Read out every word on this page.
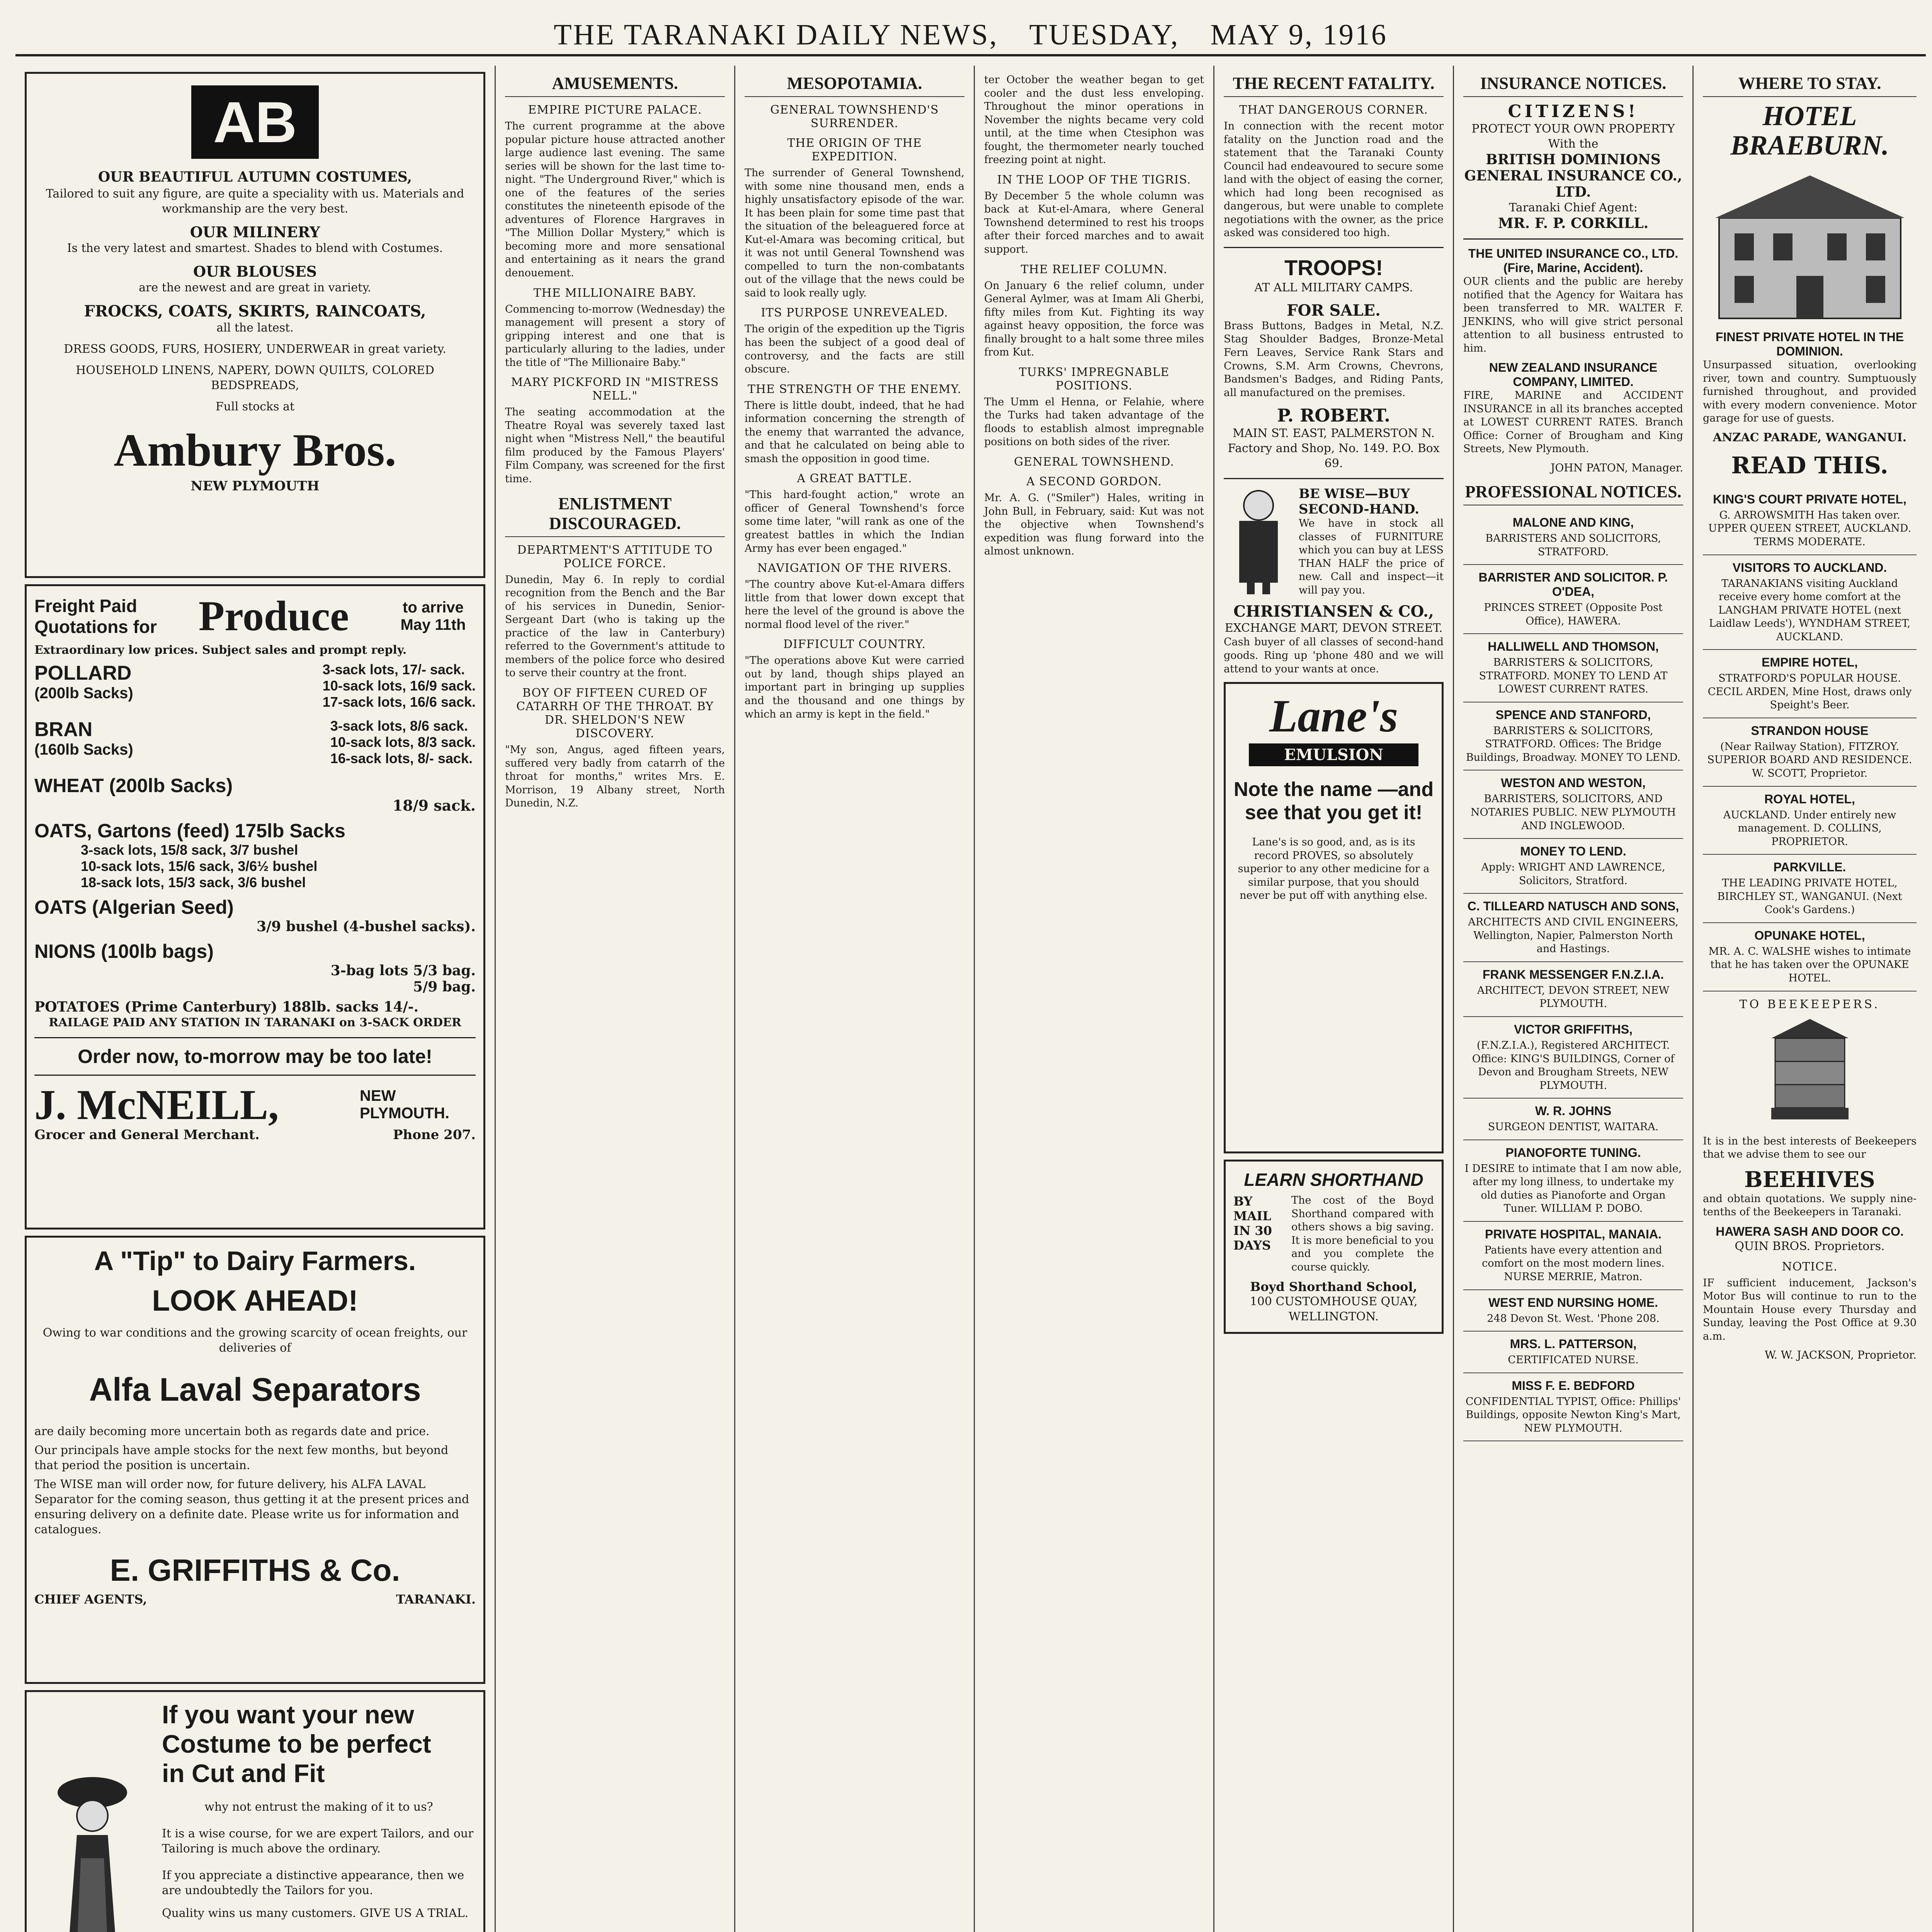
THE TARANAKI DAILY NEWS, TUESDAY, MAY 9, 1916
AB
OUR BEAUTIFUL AUTUMN COSTUMES,
Tailored to suit any figure, are quite a speciality with us. Materials and workmanship are the very best.
OUR MILINERY
Is the very latest and smartest. Shades to blend with Costumes.
OUR BLOUSES
are the newest and are great in variety.
FROCKS, COATS, SKIRTS, RAINCOATS,
all the latest.
DRESS GOODS, FURS, HOSIERY, UNDERWEAR in great variety.
HOUSEHOLD LINENS, NAPERY, DOWN QUILTS, COLORED BEDSPREADS,
Full stocks at
Ambury Bros.
NEW PLYMOUTH
Freight Paid
Quotations for Produce	to arrive May 11th
Extraordinary low prices. Subject sales and prompt reply.
POLLARD
(200lb Sacks)
3-sack lots, 17/- sack.
10-sack lots, 16/9 sack.
17-sack lots, 16/6 sack.
BRAN
(160lb Sacks)
3-sack lots, 8/6 sack.
10-sack lots, 8/3 sack.
16-sack lots, 8/- sack.
WHEAT (200lb Sacks)
18/9 sack.
OATS, Gartons (feed) 175lb Sacks
3-sack lots, 15/8 sack, 3/7 bushel
10-sack lots, 15/6 sack, 3/6½ bushel
18-sack lots, 15/3 sack, 3/6 bushel
OATS (Algerian Seed)
3/9 bushel (4-bushel sacks).
NIONS (100lb bags)
3-bag lots 5/3 bag.
5/9 bag.
POTATOES (Prime Canterbury) 188lb. sacks 14/-.
RAILAGE PAID ANY STATION IN TARANAKI on 3-SACK ORDER
Order now, to-morrow may be too late!
J. McNEILL,	NEW PLYMOUTH.
Grocer and General Merchant.	Phone 207.
A "Tip" to Dairy Farmers.
LOOK AHEAD!
Owing to war conditions and the growing scarcity of ocean freights, our deliveries of
Alfa Laval Separators
are daily becoming more uncertain both as regards date and price.
Our principals have ample stocks for the next few months, but beyond that period the position is uncertain.
The WISE man will order now, for future delivery, his ALFA LAVAL Separator for the coming season, thus getting it at the present prices and ensuring delivery on a definite date. Please write us for information and catalogues.
E. GRIFFITHS & Co.
CHIEF AGENTS,	TARANAKI.
If you want your new
Costume to be perfect
in Cut and Fit
why not entrust the making of it to us?
It is a wise course, for we are expert Tailors, and our Tailoring is much above the ordinary.
If you appreciate a distinctive appearance, then we are undoubtedly the Tailors for you.
Quality wins us many customers. GIVE US A TRIAL.
AMUSEMENTS.
EMPIRE PICTURE PALACE.

The current programme at the above popular picture house attracted another large audience last evening. The same series will be shown for the last time to-night. "The Underground River," which is one of the features of the series constitutes the nineteenth episode of the adventures of Florence Hargraves in "The Million Dollar Mystery," which is becoming more and more sensational and entertaining as it nears the grand denouement.

THE MILLIONAIRE BABY.

Commencing to-morrow (Wednesday) the management will present a story of gripping interest and one that is particularly alluring to the ladies, under the title of "The Millionaire Baby."

MARY PICKFORD IN "MISTRESS NELL."

The seating accommodation at the Theatre Royal was severely taxed last night when "Mistress Nell," the beautiful film produced by the Famous Players' Film Company, was screened for the first time.

ENLISTMENT DISCOURAGED.
DEPARTMENT'S ATTITUDE TO POLICE FORCE.

Dunedin, May 6. In reply to cordial recognition from the Bench and the Bar of his services in Dunedin, Senior-Sergeant Dart (who is taking up the practice of the law in Canterbury) referred to the Government's attitude to members of the police force who desired to serve their country at the front.

BOY OF FIFTEEN CURED OF CATARRH OF THE THROAT. BY DR. SHELDON'S NEW DISCOVERY.

"My son, Angus, aged fifteen years, suffered very badly from catarrh of the throat for months," writes Mrs. E. Morrison, 19 Albany street, North Dunedin, N.Z.

MESOPOTAMIA.
GENERAL TOWNSHEND'S SURRENDER.
THE ORIGIN OF THE EXPEDITION.

The surrender of General Townshend, with some nine thousand men, ends a highly unsatisfactory episode of the war. It has been plain for some time past that the situation of the beleaguered force at Kut-el-Amara was becoming critical, but it was not until General Townshend was compelled to turn the non-combatants out of the village that the news could be said to look really ugly.

ITS PURPOSE UNREVEALED.

The origin of the expedition up the Tigris has been the subject of a good deal of controversy, and the facts are still obscure.

THE STRENGTH OF THE ENEMY.

There is little doubt, indeed, that he had information concerning the strength of the enemy that warranted the advance, and that he calculated on being able to smash the opposition in good time.

A GREAT BATTLE.

"This hard-fought action," wrote an officer of General Townshend's force some time later, "will rank as one of the greatest battles in which the Indian Army has ever been engaged."

NAVIGATION OF THE RIVERS.

"The country above Kut-el-Amara differs little from that lower down except that here the level of the ground is above the normal flood level of the river."

DIFFICULT COUNTRY.

"The operations above Kut were carried out by land, though ships played an important part in bringing up supplies and the thousand and one things by which an army is kept in the field."

ter October the weather began to get cooler and the dust less enveloping. Throughout the minor operations in November the nights became very cold until, at the time when Ctesiphon was fought, the thermometer nearly touched freezing point at night.

IN THE LOOP OF THE TIGRIS.

By December 5 the whole column was back at Kut-el-Amara, where General Townshend determined to rest his troops after their forced marches and to await support.

THE RELIEF COLUMN.

On January 6 the relief column, under General Aylmer, was at Imam Ali Gherbi, fifty miles from Kut. Fighting its way against heavy opposition, the force was finally brought to a halt some three miles from Kut.

TURKS' IMPREGNABLE POSITIONS.

The Umm el Henna, or Felahie, where the Turks had taken advantage of the floods to establish almost impregnable positions on both sides of the river.

GENERAL TOWNSHEND.
A SECOND GORDON.

Mr. A. G. ("Smiler") Hales, writing in John Bull, in February, said: Kut was not the objective when Townshend's expedition was flung forward into the almost unknown.

THE RECENT FATALITY.
THAT DANGEROUS CORNER.

In connection with the recent motor fatality on the Junction road and the statement that the Taranaki County Council had endeavoured to secure some land with the object of easing the corner, which had long been recognised as dangerous, but were unable to complete negotiations with the owner, as the price asked was considered too high.

TROOPS!
AT ALL MILITARY CAMPS.
FOR SALE.

Brass Buttons, Badges in Metal, N.Z. Stag Shoulder Badges, Bronze-Metal Fern Leaves, Service Rank Stars and Crowns, S.M. Arm Crowns, Chevrons, Bandsmen's Badges, and Riding Pants, all manufactured on the premises.

P. ROBERT.
MAIN ST. EAST, PALMERSTON N. Factory and Shop, No. 149. P.O. Box 69.
BE WISE—BUY SECOND-HAND.

We have in stock all classes of FURNITURE which you can buy at LESS THAN HALF the price of new. Call and inspect—it will pay you.

CHRISTIANSEN & CO.,
EXCHANGE MART, DEVON STREET.

Cash buyer of all classes of second-hand goods. Ring up 'phone 480 and we will attend to your wants at once.

Lane's
EMULSION
Note the name —and see that you get it!

Lane's is so good, and, as is its record PROVES, so absolutely superior to any other medicine for a similar purpose, that you should never be put off with anything else.

LEARN SHORTHAND
BY MAIL IN 30 DAYS

The cost of the Boyd Shorthand compared with others shows a big saving. It is more beneficial to you and you complete the course quickly.

Boyd Shorthand School,
100 CUSTOMHOUSE QUAY, WELLINGTON.
INSURANCE NOTICES.
CITIZENS!
PROTECT YOUR OWN PROPERTY
With the
BRITISH DOMINIONS GENERAL INSURANCE CO., LTD.
Taranaki Chief Agent:
MR. F. P. CORKILL.
THE UNITED INSURANCE CO., LTD. (Fire, Marine, Accident).

OUR clients and the public are hereby notified that the Agency for Waitara has been transferred to MR. WALTER F. JENKINS, who will give strict personal attention to all business entrusted to him.

NEW ZEALAND INSURANCE COMPANY, LIMITED.

FIRE, MARINE and ACCIDENT INSURANCE in all its branches accepted at LOWEST CURRENT RATES. Branch Office: Corner of Brougham and King Streets, New Plymouth.

JOHN PATON, Manager.
PROFESSIONAL NOTICES.
MALONE AND KING,
BARRISTERS AND SOLICITORS, STRATFORD.
BARRISTER AND SOLICITOR. P. O'DEA,
PRINCES STREET (Opposite Post Office), HAWERA.
HALLIWELL AND THOMSON,
BARRISTERS & SOLICITORS, STRATFORD. MONEY TO LEND AT LOWEST CURRENT RATES.
SPENCE AND STANFORD,
BARRISTERS & SOLICITORS, STRATFORD. Offices: The Bridge Buildings, Broadway. MONEY TO LEND.
WESTON AND WESTON,
BARRISTERS, SOLICITORS, AND NOTARIES PUBLIC. NEW PLYMOUTH AND INGLEWOOD.
MONEY TO LEND.
Apply: WRIGHT AND LAWRENCE, Solicitors, Stratford.
C. TILLEARD NATUSCH AND SONS,
ARCHITECTS AND CIVIL ENGINEERS, Wellington, Napier, Palmerston North and Hastings.
FRANK MESSENGER F.N.Z.I.A.
ARCHITECT, DEVON STREET, NEW PLYMOUTH.
VICTOR GRIFFITHS,
(F.N.Z.I.A.), Registered ARCHITECT. Office: KING'S BUILDINGS, Corner of Devon and Brougham Streets, NEW PLYMOUTH.
W. R. JOHNS
SURGEON DENTIST, WAITARA.
PIANOFORTE TUNING.
I DESIRE to intimate that I am now able, after my long illness, to undertake my old duties as Pianoforte and Organ Tuner. WILLIAM P. DOBO.
PRIVATE HOSPITAL, MANAIA.
Patients have every attention and comfort on the most modern lines. NURSE MERRIE, Matron.
WEST END NURSING HOME.
248 Devon St. West. 'Phone 208.
MRS. L. PATTERSON,
CERTIFICATED NURSE.
MISS F. E. BEDFORD
CONFIDENTIAL TYPIST, Office: Phillips' Buildings, opposite Newton King's Mart, NEW PLYMOUTH.
WHERE TO STAY.
HOTEL BRAEBURN.
FINEST PRIVATE HOTEL IN THE DOMINION.

Unsurpassed situation, overlooking river, town and country. Sumptuously furnished throughout, and provided with every modern convenience. Motor garage for use of guests.

ANZAC PARADE, WANGANUI.
READ THIS.
KING'S COURT PRIVATE HOTEL,
G. ARROWSMITH Has taken over. UPPER QUEEN STREET, AUCKLAND. TERMS MODERATE.
VISITORS TO AUCKLAND.
TARANAKIANS visiting Auckland receive every home comfort at the LANGHAM PRIVATE HOTEL (next Laidlaw Leeds'), WYNDHAM STREET, AUCKLAND.
EMPIRE HOTEL,
STRATFORD'S POPULAR HOUSE. CECIL ARDEN, Mine Host, draws only Speight's Beer.
STRANDON HOUSE
(Near Railway Station), FITZROY. SUPERIOR BOARD AND RESIDENCE. W. SCOTT, Proprietor.
ROYAL HOTEL,
AUCKLAND. Under entirely new management. D. COLLINS, PROPRIETOR.
PARKVILLE.
THE LEADING PRIVATE HOTEL, BIRCHLEY ST., WANGANUI. (Next Cook's Gardens.)
OPUNAKE HOTEL,
MR. A. C. WALSHE wishes to intimate that he has taken over the OPUNAKE HOTEL.
TO BEEKEEPERS.

It is in the best interests of Beekeepers that we advise them to see our

BEEHIVES

and obtain quotations. We supply nine-tenths of the Beekeepers in Taranaki.

HAWERA SASH AND DOOR CO.
QUIN BROS. Proprietors.
NOTICE.

IF sufficient inducement, Jackson's Motor Bus will continue to run to the Mountain House every Thursday and Sunday, leaving the Post Office at 9.30 a.m.

W. W. JACKSON, Proprietor.
